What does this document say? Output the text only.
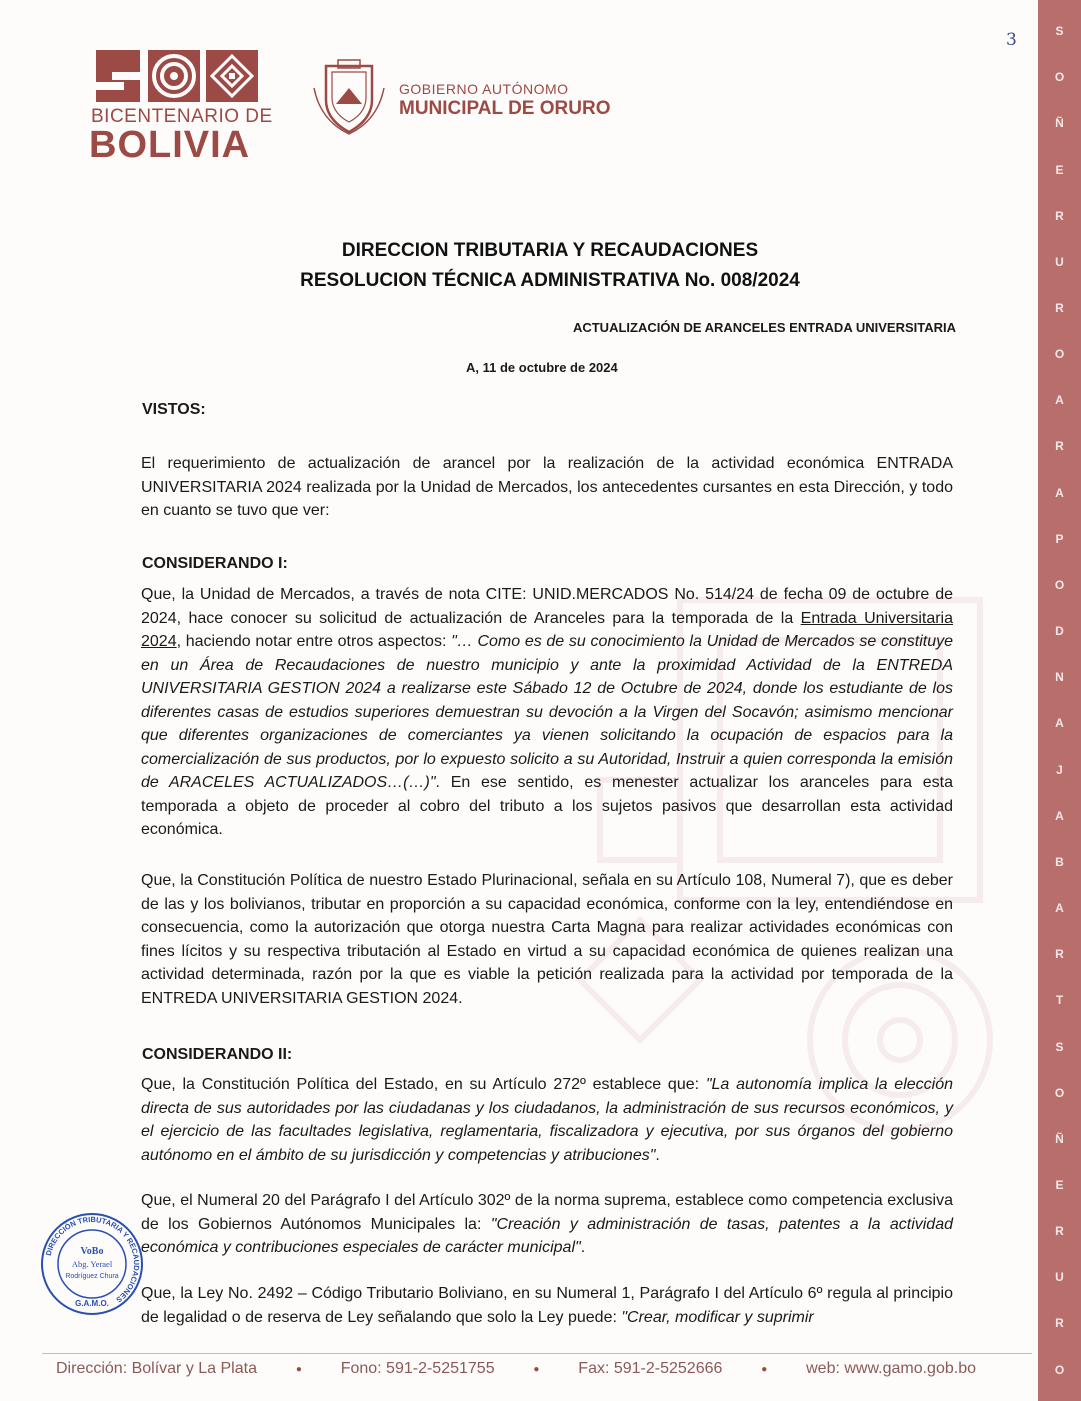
S
O
Ñ
E
R
U
R
O
A
R
A
P
O
D
N
A
J
A
B
A
R
T
S
O
Ñ
E
R
U
R
O
3
BICENTENARIO DE
BOLIVIA
GOBIERNO AUTÓNOMO
MUNICIPAL DE ORURO
DIRECCION TRIBUTARIA Y RECAUDACIONES
RESOLUCION TÉCNICA ADMINISTRATIVA No. 008/2024
ACTUALIZACIÓN DE ARANCELES ENTRADA UNIVERSITARIA
A, 11 de octubre de 2024
VISTOS:
El requerimiento de actualización de arancel por la realización de la actividad económica ENTRADA UNIVERSITARIA 2024 realizada por la Unidad de Mercados, los antecedentes cursantes en esta Dirección, y todo en cuanto se tuvo que ver:
CONSIDERANDO I:
Que, la Unidad de Mercados, a través de nota CITE: UNID.MERCADOS No. 514/24 de fecha 09 de octubre de 2024, hace conocer su solicitud de actualización de Aranceles para la temporada de la Entrada Universitaria 2024, haciendo notar entre otros aspectos: "… Como es de su conocimiento la Unidad de Mercados se constituye en un Área de Recaudaciones de nuestro municipio y ante la proximidad Actividad de la ENTREDA UNIVERSITARIA GESTION 2024 a realizarse este Sábado 12 de Octubre de 2024, donde los estudiante de los diferentes casas de estudios superiores demuestran su devoción a la Virgen del Socavón; asimismo mencionar que diferentes organizaciones de comerciantes ya vienen solicitando la ocupación de espacios para la comercialización de sus productos, por lo expuesto solicito a su Autoridad, Instruir a quien corresponda la emisión de ARACELES ACTUALIZADOS…(…)". En ese sentido, es menester actualizar los aranceles para esta temporada a objeto de proceder al cobro del tributo a los sujetos pasivos que desarrollan esta actividad económica.
Que, la Constitución Política de nuestro Estado Plurinacional, señala en su Artículo 108, Numeral 7), que es deber de las y los bolivianos, tributar en proporción a su capacidad económica, conforme con la ley, entendiéndose en consecuencia, como la autorización que otorga nuestra Carta Magna para realizar actividades económicas con fines lícitos y su respectiva tributación al Estado en virtud a su capacidad económica de quienes realizan una actividad determinada, razón por la que es viable la petición realizada para la actividad por temporada de la ENTREDA UNIVERSITARIA GESTION 2024.
CONSIDERANDO II:
Que, la Constitución Política del Estado, en su Artículo 272º establece que: "La autonomía implica la elección directa de sus autoridades por las ciudadanas y los ciudadanos, la administración de sus recursos económicos, y el ejercicio de las facultades legislativa, reglamentaria, fiscalizadora y ejecutiva, por sus órganos del gobierno autónomo en el ámbito de su jurisdicción y competencias y atribuciones".
Que, el Numeral 20 del Parágrafo I del Artículo 302º de la norma suprema, establece como competencia exclusiva de los Gobiernos Autónomos Municipales la: "Creación y administración de tasas, patentes a la actividad económica y contribuciones especiales de carácter municipal".
Que, la Ley No. 2492 – Código Tributario Boliviano, en su Numeral 1, Parágrafo I del Artículo 6º regula al principio de legalidad o de reserva de Ley señalando que solo la Ley puede: "Crear, modificar y suprimir
DIRECCIÓN TRIBUTARIA Y RECAUDACIONES
VoBo
Abg. Yerael
Rodríguez Chura
G.A.M.O.
Dirección: Bolívar y La Plata	● Fono: 591-2-5251755	● Fax: 591-2-5252666	● web: www.gamo.gob.bo
